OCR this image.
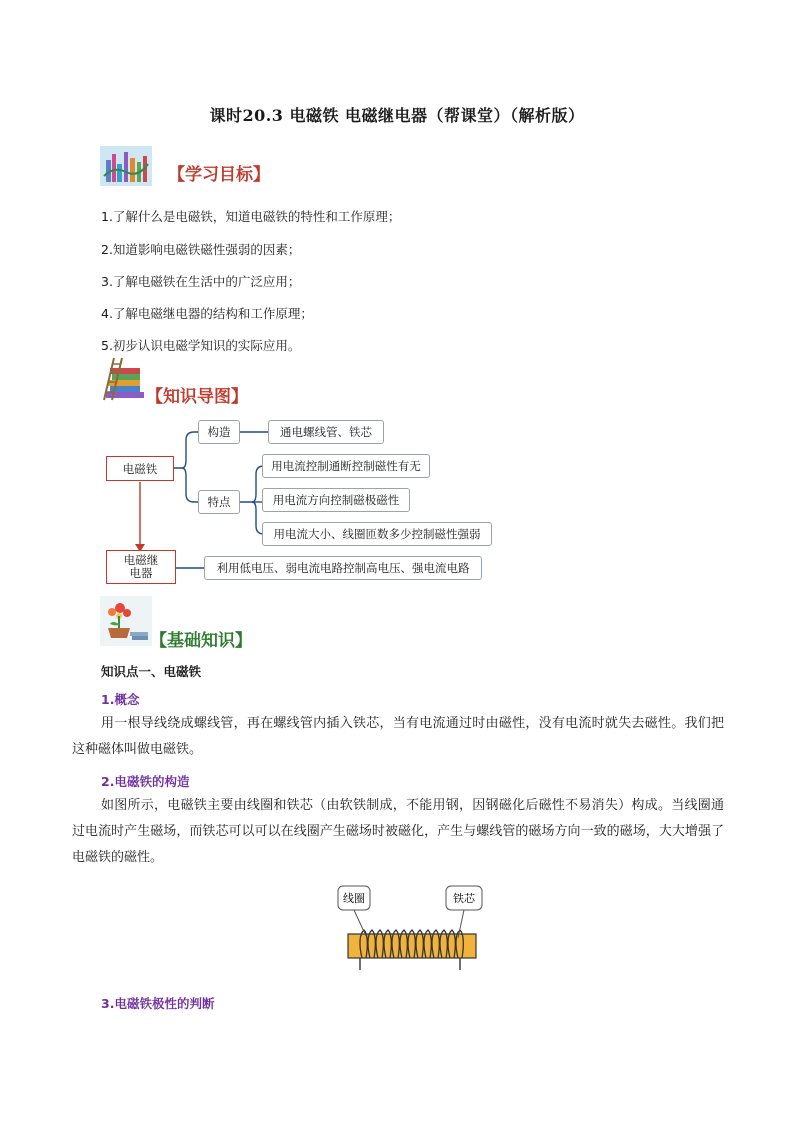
课时20.3 电磁铁 电磁继电器（帮课堂）（解析版）
【学习目标】
1.了解什么是电磁铁，知道电磁铁的特性和工作原理；
2.知道影响电磁铁磁性强弱的因素；
3.了解电磁铁在生活中的广泛应用；
4.了解电磁继电器的结构和工作原理；
5.初步认识电磁学知识的实际应用。
【知识导图】
电磁铁
构造	通电螺线管、铁芯
特点
用电流控制通断控制磁性有无
用电流方向控制磁极磁性
用电流大小、线圈匝数多少控制磁性强弱
电磁继电器	利用低电压、弱电流电路控制高电压、强电流电路
【基础知识】
知识点一、电磁铁
1.概念
用一根导线绕成螺线管，再在螺线管内插入铁芯，当有电流通过时由磁性，没有电流时就失去磁性。我们把这种磁体叫做电磁铁。
2.电磁铁的构造
如图所示，电磁铁主要由线圈和铁芯（由软铁制成，不能用钢，因钢磁化后磁性不易消失）构成。当线圈通过电流时产生磁场，而铁芯可以可以在线圈产生磁场时被磁化，产生与螺线管的磁场方向一致的磁场，大大增强了电磁铁的磁性。
线圈	铁芯
3.电磁铁极性的判断
